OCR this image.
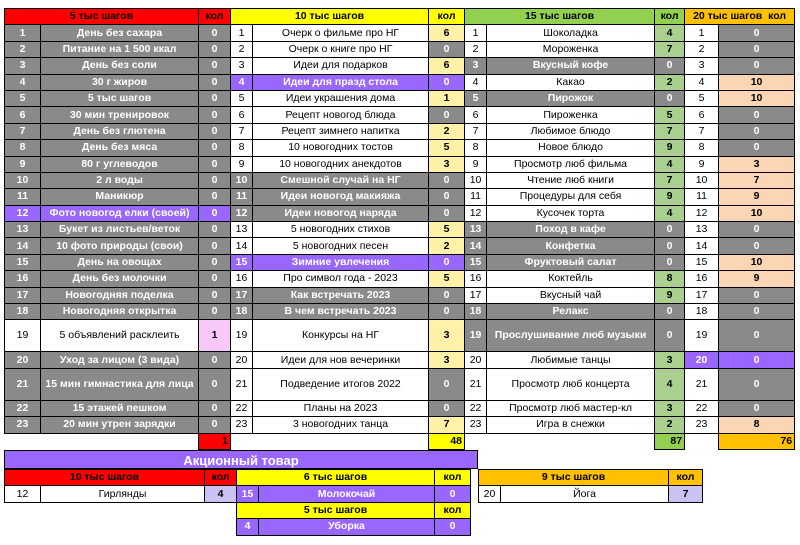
5 тыс шагов		кол	10 тыс шагов		кол	15 тыс шагов		кол	20 тыс шагов кол	
1	День без сахара	0	1	Очерк о фильме про НГ	6	1	Шоколадка	4	1	0
2	Питание на 1 500 ккал	0	2	Очерк о книге про НГ	0	2	Мороженка	7	2	0
3	День без соли	0	3	Идеи для подарков	6	3	Вкусный кофе	0	3	0
4	30 г жиров	0	4	Идеи для празд стола	0	4	Какао	2	4	10
5	5 тыс шагов	0	5	Идеи украшения дома	1	5	Пирожок	0	5	10
6	30 мин тренировок	0	6	Рецепт новогод блюда	0	6	Пироженка	5	6	0
7	День без глютена	0	7	Рецепт зимнего напитка	2	7	Любимое блюдо	7	7	0
8	День без мяса	0	8	10 новогодних тостов	5	8	Новое блюдо	9	8	0
9	80 г углеводов	0	9	10 новогодних анекдотов	3	9	Просмотр люб фильма	4	9	3
10	2 л воды	0	10	Смешной случай на НГ	0	10	Чтение люб книги	7	10	7
11	Маникюр	0	11	Идеи новогод макияжа	0	11	Процедуры для себя	9	11	9
12	Фото новогод елки (своей)	0	12	Идеи новогод наряда	0	12	Кусочек торта	4	12	10
13	Букет из листьев/веток	0	13	5 новогодних стихов	5	13	Поход в кафе	0	13	0
14	10 фото природы (свои)	0	14	5 новогодних песен	2	14	Конфетка	0	14	0
15	День на овощах	0	15	Зимние увлечения	0	15	Фруктовый салат	0	15	10
16	День без молочки	0	16	Про символ года - 2023	5	16	Коктейль	8	16	9
17	Новогодняя поделка	0	17	Как встречать 2023	0	17	Вкусный чай	9	17	0
18	Новогодняя открытка	0	18	В чем встречать 2023	0	18	Релакс	0	18	0
19	5 объявлений расклеить	1	19	Конкурсы на НГ	3	19	Прослушивание люб музыки	0	19	0
20	Уход за лицом (3 вида)	0	20	Идеи для нов вечеринки	3	20	Любимые танцы	3	20	0
21	15 мин гимнастика для лица	0	21	Подведение итогов 2022	0	21	Просмотр люб концерта	4	21	0
22	15 этажей пешком	0	22	Планы на 2023	0	22	Просмотр люб мастер-кл	3	22	0
23	20 мин утрен зарядки	0	23	3 новогодних танца	7	23	Игра в снежки	2	23	8
		1			48			87		76
Акционный товар
10 тыс шагов		кол
12	Гирлянды	4
6 тыс шагов		кол
15	Молокочай	0
5 тыс шагов		кол
4	Уборка	0
9 тыс шагов		кол
20	Йога	7
